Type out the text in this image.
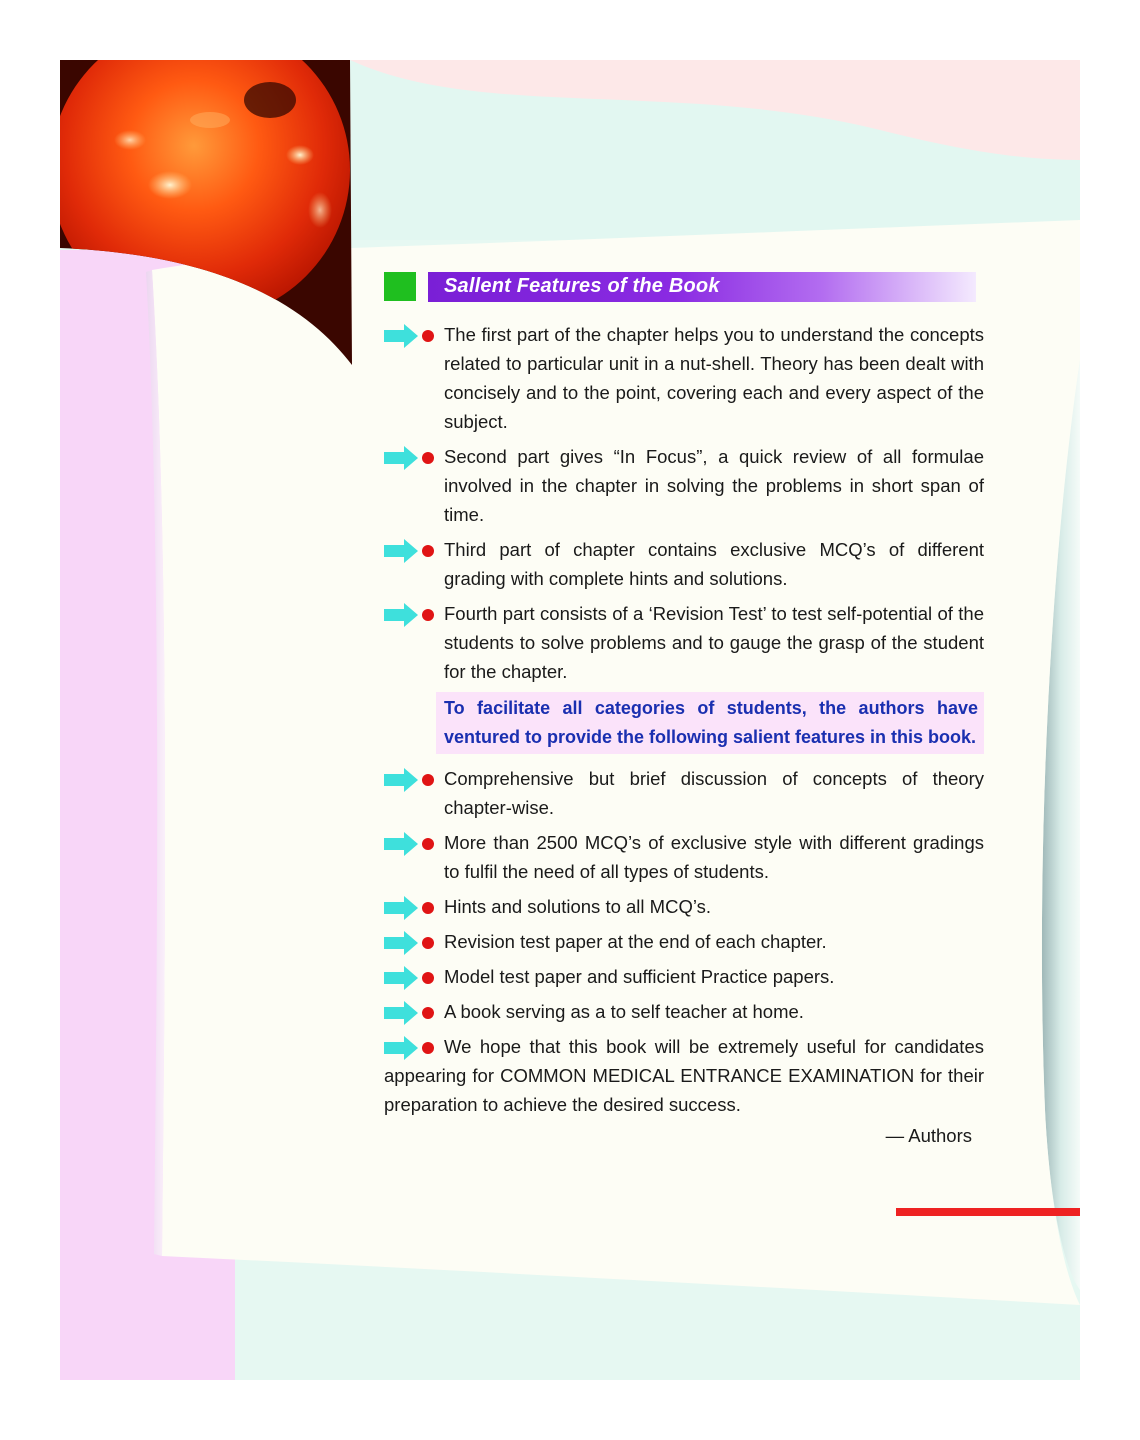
Sallent Features of the Book
The first part of the chapter helps you to understand the concepts related to particular unit in a nut-shell. Theory has been dealt with concisely and to the point, covering each and every aspect of the subject.
Second part gives “In Focus”, a quick review of all formulae involved in the chapter in solving the problems in short span of time.
Third part of chapter contains exclusive MCQ’s of different grading with complete hints and solutions.
Fourth part consists of a ‘Revision Test’ to test self-potential of the students to solve problems and to gauge the grasp of the student for the chapter.
To facilitate all categories of students, the authors have ventured to provide the following salient features in this book.
Comprehensive but brief discussion of concepts of theory chapter-wise.
More than 2500 MCQ’s of exclusive style with different gradings to fulfil the need of all types of students.
Hints and solutions to all MCQ’s.
Revision test paper at the end of each chapter.
Model test paper and sufficient Practice papers.
A book serving as a to self teacher at home.
We hope that this book will be extremely useful for candidates appearing for COMMON MEDICAL ENTRANCE EXAMINATION for their preparation to achieve the desired success.
— Authors
